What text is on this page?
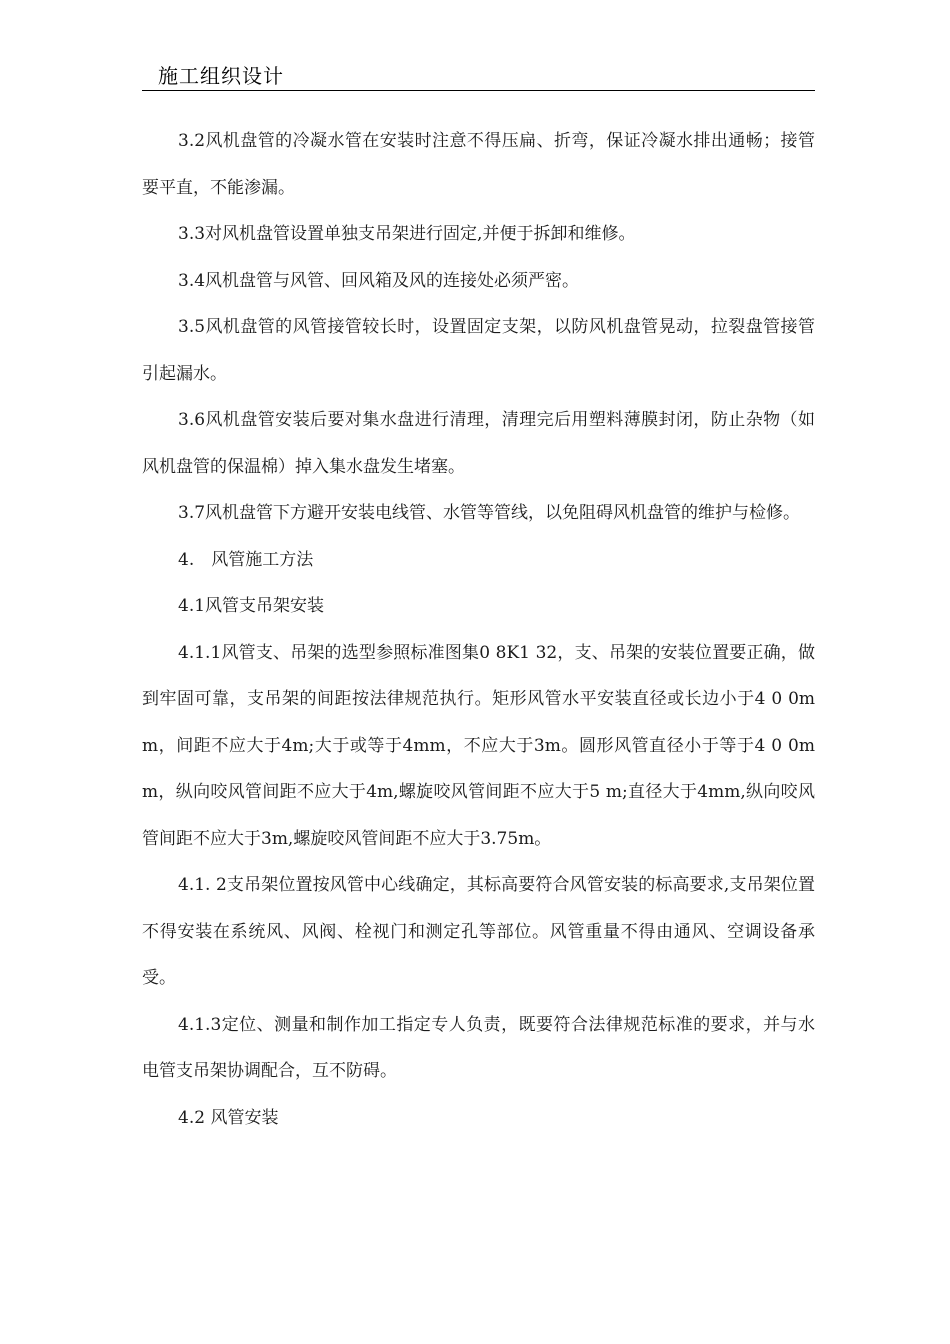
施工组织设计

3.2风机盘管的冷凝水管在安装时注意不得压扁、折弯，保证冷凝水排出通畅；接管要平直，不能渗漏。

3.3对风机盘管设置单独支吊架进行固定,并便于拆卸和维修。

3.4风机盘管与风管、回风箱及风的连接处必须严密。

3.5风机盘管的风管接管较长时，设置固定支架，以防风机盘管晃动，拉裂盘管接管引起漏水。

3.6风机盘管安装后要对集水盘进行清理，清理完后用塑料薄膜封闭，防止杂物（如风机盘管的保温棉）掉入集水盘发生堵塞。

3.7风机盘管下方避开安装电线管、水管等管线，以免阻碍风机盘管的维护与检修。

4.　风管施工方法

4.1风管支吊架安装

4.1.1风管支、吊架的选型参照标准图集0 8K1 32，支、吊架的安装位置要正确，做到牢固可靠，支吊架的间距按法律规范执行。矩形风管水平安装直径或长边小于4 0 0mm，间距不应大于4m;大于或等于4mm，不应大于3m。圆形风管直径小于等于4 0 0mm，纵向咬风管间距不应大于4m,螺旋咬风管间距不应大于5 m;直径大于4mm,纵向咬风管间距不应大于3m,螺旋咬风管间距不应大于3.75m。

4.1. 2支吊架位置按风管中心线确定，其标高要符合风管安装的标高要求,支吊架位置不得安装在系统风、风阀、栓视门和测定孔等部位。风管重量不得由通风、空调设备承受。

4.1.3定位、测量和制作加工指定专人负责，既要符合法律规范标准的要求，并与水电管支吊架协调配合，互不防碍。

4.2 风管安装
